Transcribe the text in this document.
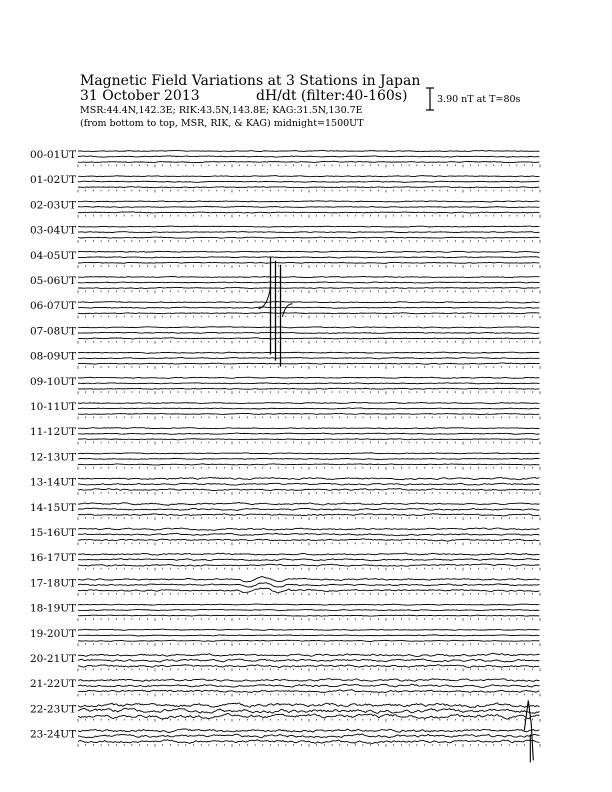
Magnetic Field Variations at 3 Stations in Japan
31 October 2013	dH/dt (filter:40-160s)
MSR:44.4N,142.3E; RIK:43.5N,143.8E; KAG:31.5N,130.7E
(from bottom to top, MSR, RIK, & KAG) midnight=1500UT
3.90 nT at T=80s
00-01UT
01-02UT
02-03UT
03-04UT
04-05UT
05-06UT
06-07UT
07-08UT
08-09UT
09-10UT
10-11UT
11-12UT
12-13UT
13-14UT
14-15UT
15-16UT
16-17UT
17-18UT
18-19UT
19-20UT
20-21UT
21-22UT
22-23UT
23-24UT
